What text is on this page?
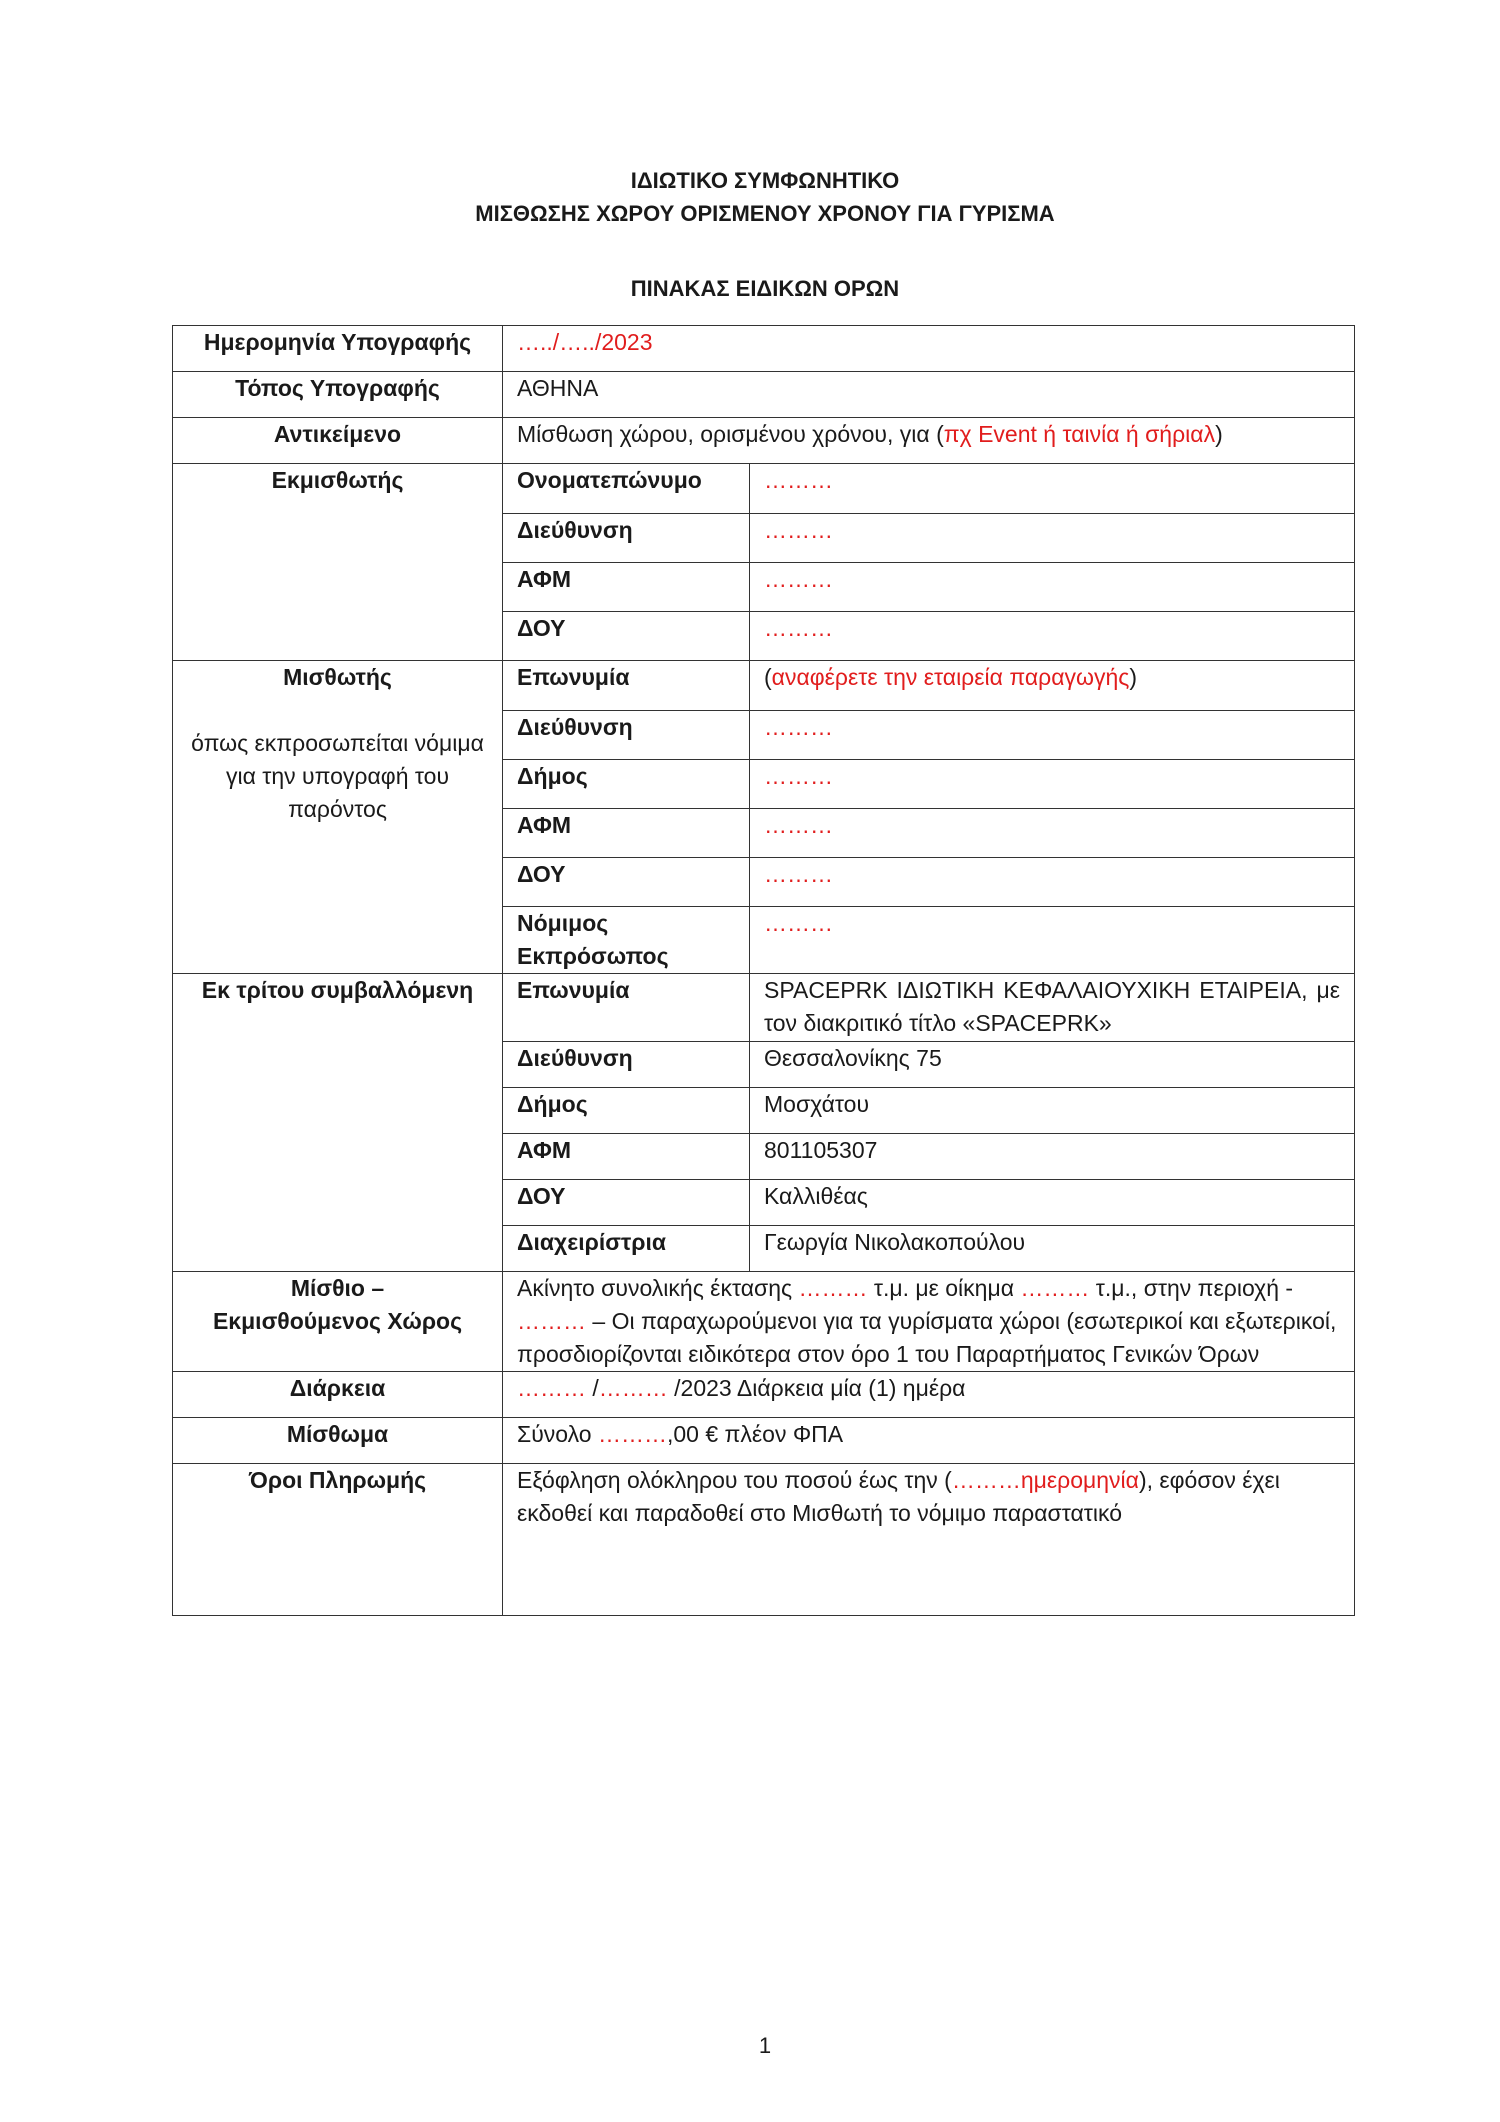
ΙΔΙΩΤΙΚΟ ΣΥΜΦΩΝΗΤΙΚΟ
ΜΙΣΘΩΣΗΣ ΧΩΡΟΥ ΟΡΙΣΜΕΝΟΥ ΧΡΟΝΟΥ ΓΙΑ ΓΥΡΙΣΜΑ
ΠΙΝΑΚΑΣ ΕΙΔΙΚΩΝ ΟΡΩΝ
Ημερομηνία Υπογραφής	…../…../2023
Τόπος Υπογραφής	ΑΘΗΝΑ
Αντικείμενο	Μίσθωση χώρου, ορισμένου χρόνου, για (πχ Event ή ταινία ή σήριαλ)
Εκμισθωτής		Ονοματεπώνυμο	………
Διεύθυνση	………
ΑΦΜ	………
ΔΟΥ	………

Μισθωτής
όπως εκπροσωπείται νόμιμα για την υπογραφή του παρόντος

Επωνυμία	(αναφέρετε την εταιρεία παραγωγής)
Διεύθυνση	………
Δήμος	………
ΑΦΜ	………
ΔΟΥ	………
Νόμιμος Εκπρόσωπος	………

Εκ τρίτου συμβαλλόμενη	Επωνυμία	SPACEPRK ΙΔΙΩΤΙΚΗ ΚΕΦΑΛΑΙΟΥΧΙΚΗ ΕΤΑΙΡΕΙΑ, με τον διακριτικό τίτλο «SPACEPRK»
Διεύθυνση	Θεσσαλονίκης 75
Δήμος	Μοσχάτου
ΑΦΜ	801105307
ΔΟΥ	Καλλιθέας
Διαχειρίστρια	Γεωργία Νικολακοπούλου

Μίσθιο –
Εκμισθούμενος Χώρος
	Ακίνητο συνολικής έκτασης ……… τ.μ. με οίκημα ……… τ.μ., στην περιοχή - ……… – Οι παραχωρούμενοι για τα γυρίσματα χώροι (εσωτερικοί και εξωτερικοί, προσδιορίζονται ειδικότερα στον όρο 1 του Παραρτήματος Γενικών Όρων
Διάρκεια	……… /……… /2023 Διάρκεια μία (1) ημέρα
Μίσθωμα	Σύνολο ………,00 € πλέον ΦΠΑ
Όροι Πληρωμής	Εξόφληση ολόκληρου του ποσού έως την (………ημερομηνία), εφόσον έχει εκδοθεί και παραδοθεί στο Μισθωτή το νόμιμο παραστατικό
1
